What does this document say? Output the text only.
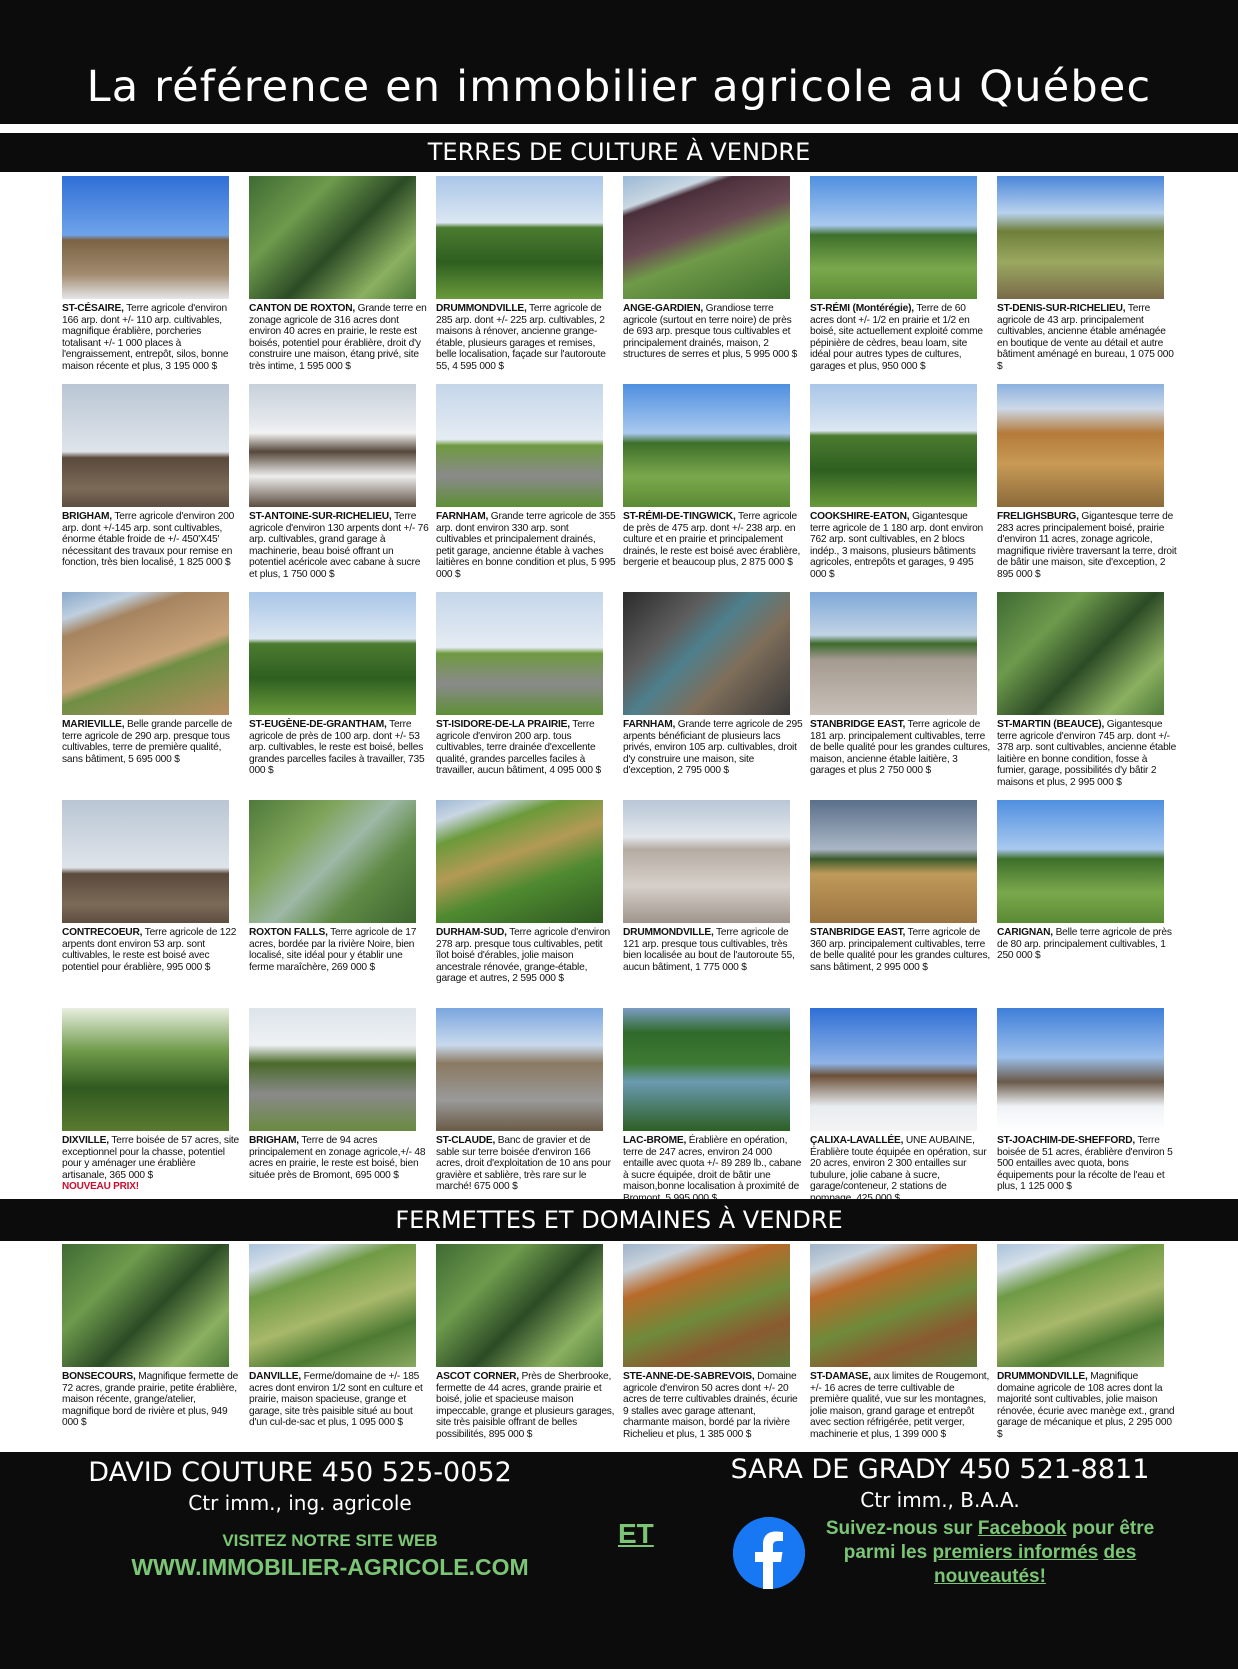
La référence en immobilier agricole au Québec
TERRES DE CULTURE À VENDRE
ST-CÉSAIRE, Terre agricole d'environ 166 arp. dont +/- 110 arp. cultivables, magnifique érablière, porcheries totalisant +/- 1 000 places à l'engraissement, entrepôt, silos, bonne maison récente et plus, 3 195 000 $
CANTON DE ROXTON, Grande terre en zonage agricole de 316 acres dont environ 40 acres en prairie, le reste est boisés, potentiel pour érablière, droit d'y construire une maison, étang privé, site très intime, 1 595 000 $
DRUMMONDVILLE, Terre agricole de 285 arp. dont +/- 225 arp. cultivables, 2 maisons à rénover, ancienne grange-étable, plusieurs garages et remises, belle localisation, façade sur l'autoroute 55, 4 595 000 $
ANGE-GARDIEN, Grandiose terre agricole (surtout en terre noire) de près de 693 arp. presque tous cultivables et principalement drainés, maison, 2 structures de serres et plus, 5 995 000 $
ST-RÉMI (Montérégie), Terre de 60 acres dont +/- 1/2 en prairie et 1/2 en boisé, site actuellement exploité comme pépinière de cèdres, beau loam, site idéal pour autres types de cultures, garages et plus, 950 000 $
ST-DENIS-SUR-RICHELIEU, Terre agricole de 43 arp. principalement cultivables, ancienne étable aménagée en boutique de vente au détail et autre bâtiment aménagé en bureau, 1 075 000 $
BRIGHAM, Terre agricole d'environ 200 arp. dont +/-145 arp. sont cultivables, énorme étable froide de +/- 450'X45' nécessitant des travaux pour remise en fonction, très bien localisé, 1 825 000 $
ST-ANTOINE-SUR-RICHELIEU, Terre agricole d'environ 130 arpents dont +/- 76 arp. cultivables, grand garage à machinerie, beau boisé offrant un potentiel acéricole avec cabane à sucre et plus, 1 750 000 $
FARNHAM, Grande terre agricole de 355 arp. dont environ 330 arp. sont cultivables et principalement drainés, petit garage, ancienne étable à vaches laitières en bonne condition et plus, 5 995 000 $
ST-RÉMI-DE-TINGWICK, Terre agricole de près de 475 arp. dont +/- 238 arp. en culture et en prairie et principalement drainés, le reste est boisé avec érablière, bergerie et beaucoup plus, 2 875 000 $
COOKSHIRE-EATON, Gigantesque terre agricole de 1 180 arp. dont environ 762 arp. sont cultivables, en 2 blocs indép., 3 maisons, plusieurs bâtiments agricoles, entrepôts et garages, 9 495 000 $
FRELIGHSBURG, Gigantesque terre de 283 acres principalement boisé, prairie d'environ 11 acres, zonage agricole, magnifique rivière traversant la terre, droit de bâtir une maison, site d'exception, 2 895 000 $
MARIEVILLE, Belle grande parcelle de terre agricole de 290 arp. presque tous cultivables, terre de première qualité, sans bâtiment, 5 695 000 $
ST-EUGÈNE-DE-GRANTHAM, Terre agricole de près de 100 arp. dont +/- 53 arp. cultivables, le reste est boisé, belles grandes parcelles faciles à travailler, 735 000 $
ST-ISIDORE-DE-LA PRAIRIE, Terre agricole d'environ 200 arp. tous cultivables, terre drainée d'excellente qualité, grandes parcelles faciles à travailler, aucun bâtiment, 4 095 000 $
FARNHAM, Grande terre agricole de 295 arpents bénéficiant de plusieurs lacs privés, environ 105 arp. cultivables, droit d'y construire une maison, site d'exception, 2 795 000 $
STANBRIDGE EAST, Terre agricole de 181 arp. principalement cultivables, terre de belle qualité pour les grandes cultures, maison, ancienne étable laitière, 3 garages et plus 2 750 000 $
ST-MARTIN (BEAUCE), Gigantesque terre agricole d'environ 745 arp. dont +/- 378 arp. sont cultivables, ancienne étable laitière en bonne condition, fosse à fumier, garage, possibilités d'y bâtir 2 maisons et plus, 2 995 000 $
CONTRECOEUR, Terre agricole de 122 arpents dont environ 53 arp. sont cultivables, le reste est boisé avec potentiel pour érablière, 995 000 $
ROXTON FALLS, Terre agricole de 17 acres, bordée par la rivière Noire, bien localisé, site idéal pour y établir une ferme maraîchère, 269 000 $
DURHAM-SUD, Terre agricole d'environ 278 arp. presque tous cultivables, petit îlot boisé d'érables, jolie maison ancestrale rénovée, grange-étable, garage et autres, 2 595 000 $
DRUMMONDVILLE, Terre agricole de 121 arp. presque tous cultivables, très bien localisée au bout de l'autoroute 55, aucun bâtiment, 1 775 000 $
STANBRIDGE EAST, Terre agricole de 360 arp. principalement cultivables, terre de belle qualité pour les grandes cultures, sans bâtiment, 2 995 000 $
CARIGNAN, Belle terre agricole de près de 80 arp. principalement cultivables, 1 250 000 $
DIXVILLE, Terre boisée de 57 acres, site exceptionnel pour la chasse, potentiel pour y aménager une érablière artisanale, 365 000 $
NOUVEAU PRIX!
BRIGHAM, Terre de 94 acres principalement en zonage agricole,+/- 48 acres en prairie, le reste est boisé, bien située près de Bromont, 695 000 $
ST-CLAUDE, Banc de gravier et de sable sur terre boisée d'environ 166 acres, droit d'exploitation de 10 ans pour gravière et sablière, très rare sur le marché! 675 000 $
LAC-BROME, Érablière en opération, terre de 247 acres, environ 24 000 entaille avec quota +/- 89 289 lb., cabane à sucre équipée, droit de bâtir une maison,bonne localisation à proximité de
ÇALIXA-LAVALLÉE, UNE AUBAINE, Érablière toute équipée en opération, sur 20 acres, environ 2 300 entailles sur tubulure, jolie cabane à sucre, garage/conteneur, 2 stations de
ST-JOACHIM-DE-SHEFFORD, Terre boisée de 51 acres, érablière d'environ 5 500 entailles avec quota, bons équipements pour la récolte de l'eau et plus, 1 125 000 $
FERMETTES ET DOMAINES À VENDRE
BONSECOURS, Magnifique fermette de 72 acres, grande prairie, petite érablière, maison récente, grange/atelier, magnifique bord de rivière et plus, 949 000 $
DANVILLE, Ferme/domaine de +/- 185 acres dont environ 1/2 sont en culture et prairie, maison spacieuse, grange et garage, site très paisible situé au bout d'un cul-de-sac et plus, 1 095 000 $
ASCOT CORNER, Près de Sherbrooke, fermette de 44 acres, grande prairie et boisé, jolie et spacieuse maison impeccable, grange et plusieurs garages, site très paisible offrant de belles possibilités, 895 000 $
STE-ANNE-DE-SABREVOIS, Domaine agricole d'environ 50 acres dont +/- 20 acres de terre cultivables drainés, écurie 9 stalles avec garage attenant, charmante maison, bordé par la rivière Richelieu et plus, 1 385 000 $
ST-DAMASE, aux limites de Rougemont, +/- 16 acres de terre cultivable de première qualité, vue sur les montagnes, jolie maison, grand garage et entrepôt avec section réfrigérée, petit verger, machinerie et plus, 1 399 000 $
DRUMMONDVILLE, Magnifique domaine agricole de 108 acres dont la majorité sont cultivables, jolie maison rénovée, écurie avec manège ext., grand garage de mécanique et plus, 2 295 000 $
DAVID COUTURE 450 525-0052
Ctr imm., ing. agricole
SARA DE GRADY 450 521-8811
Ctr imm., B.A.A.
VISITEZ NOTRE SITE WEB
WWW.IMMOBILIER-AGRICOLE.COM
ET	Suivez-nous sur Facebook pour être parmi les premiers informés des nouveautés!
